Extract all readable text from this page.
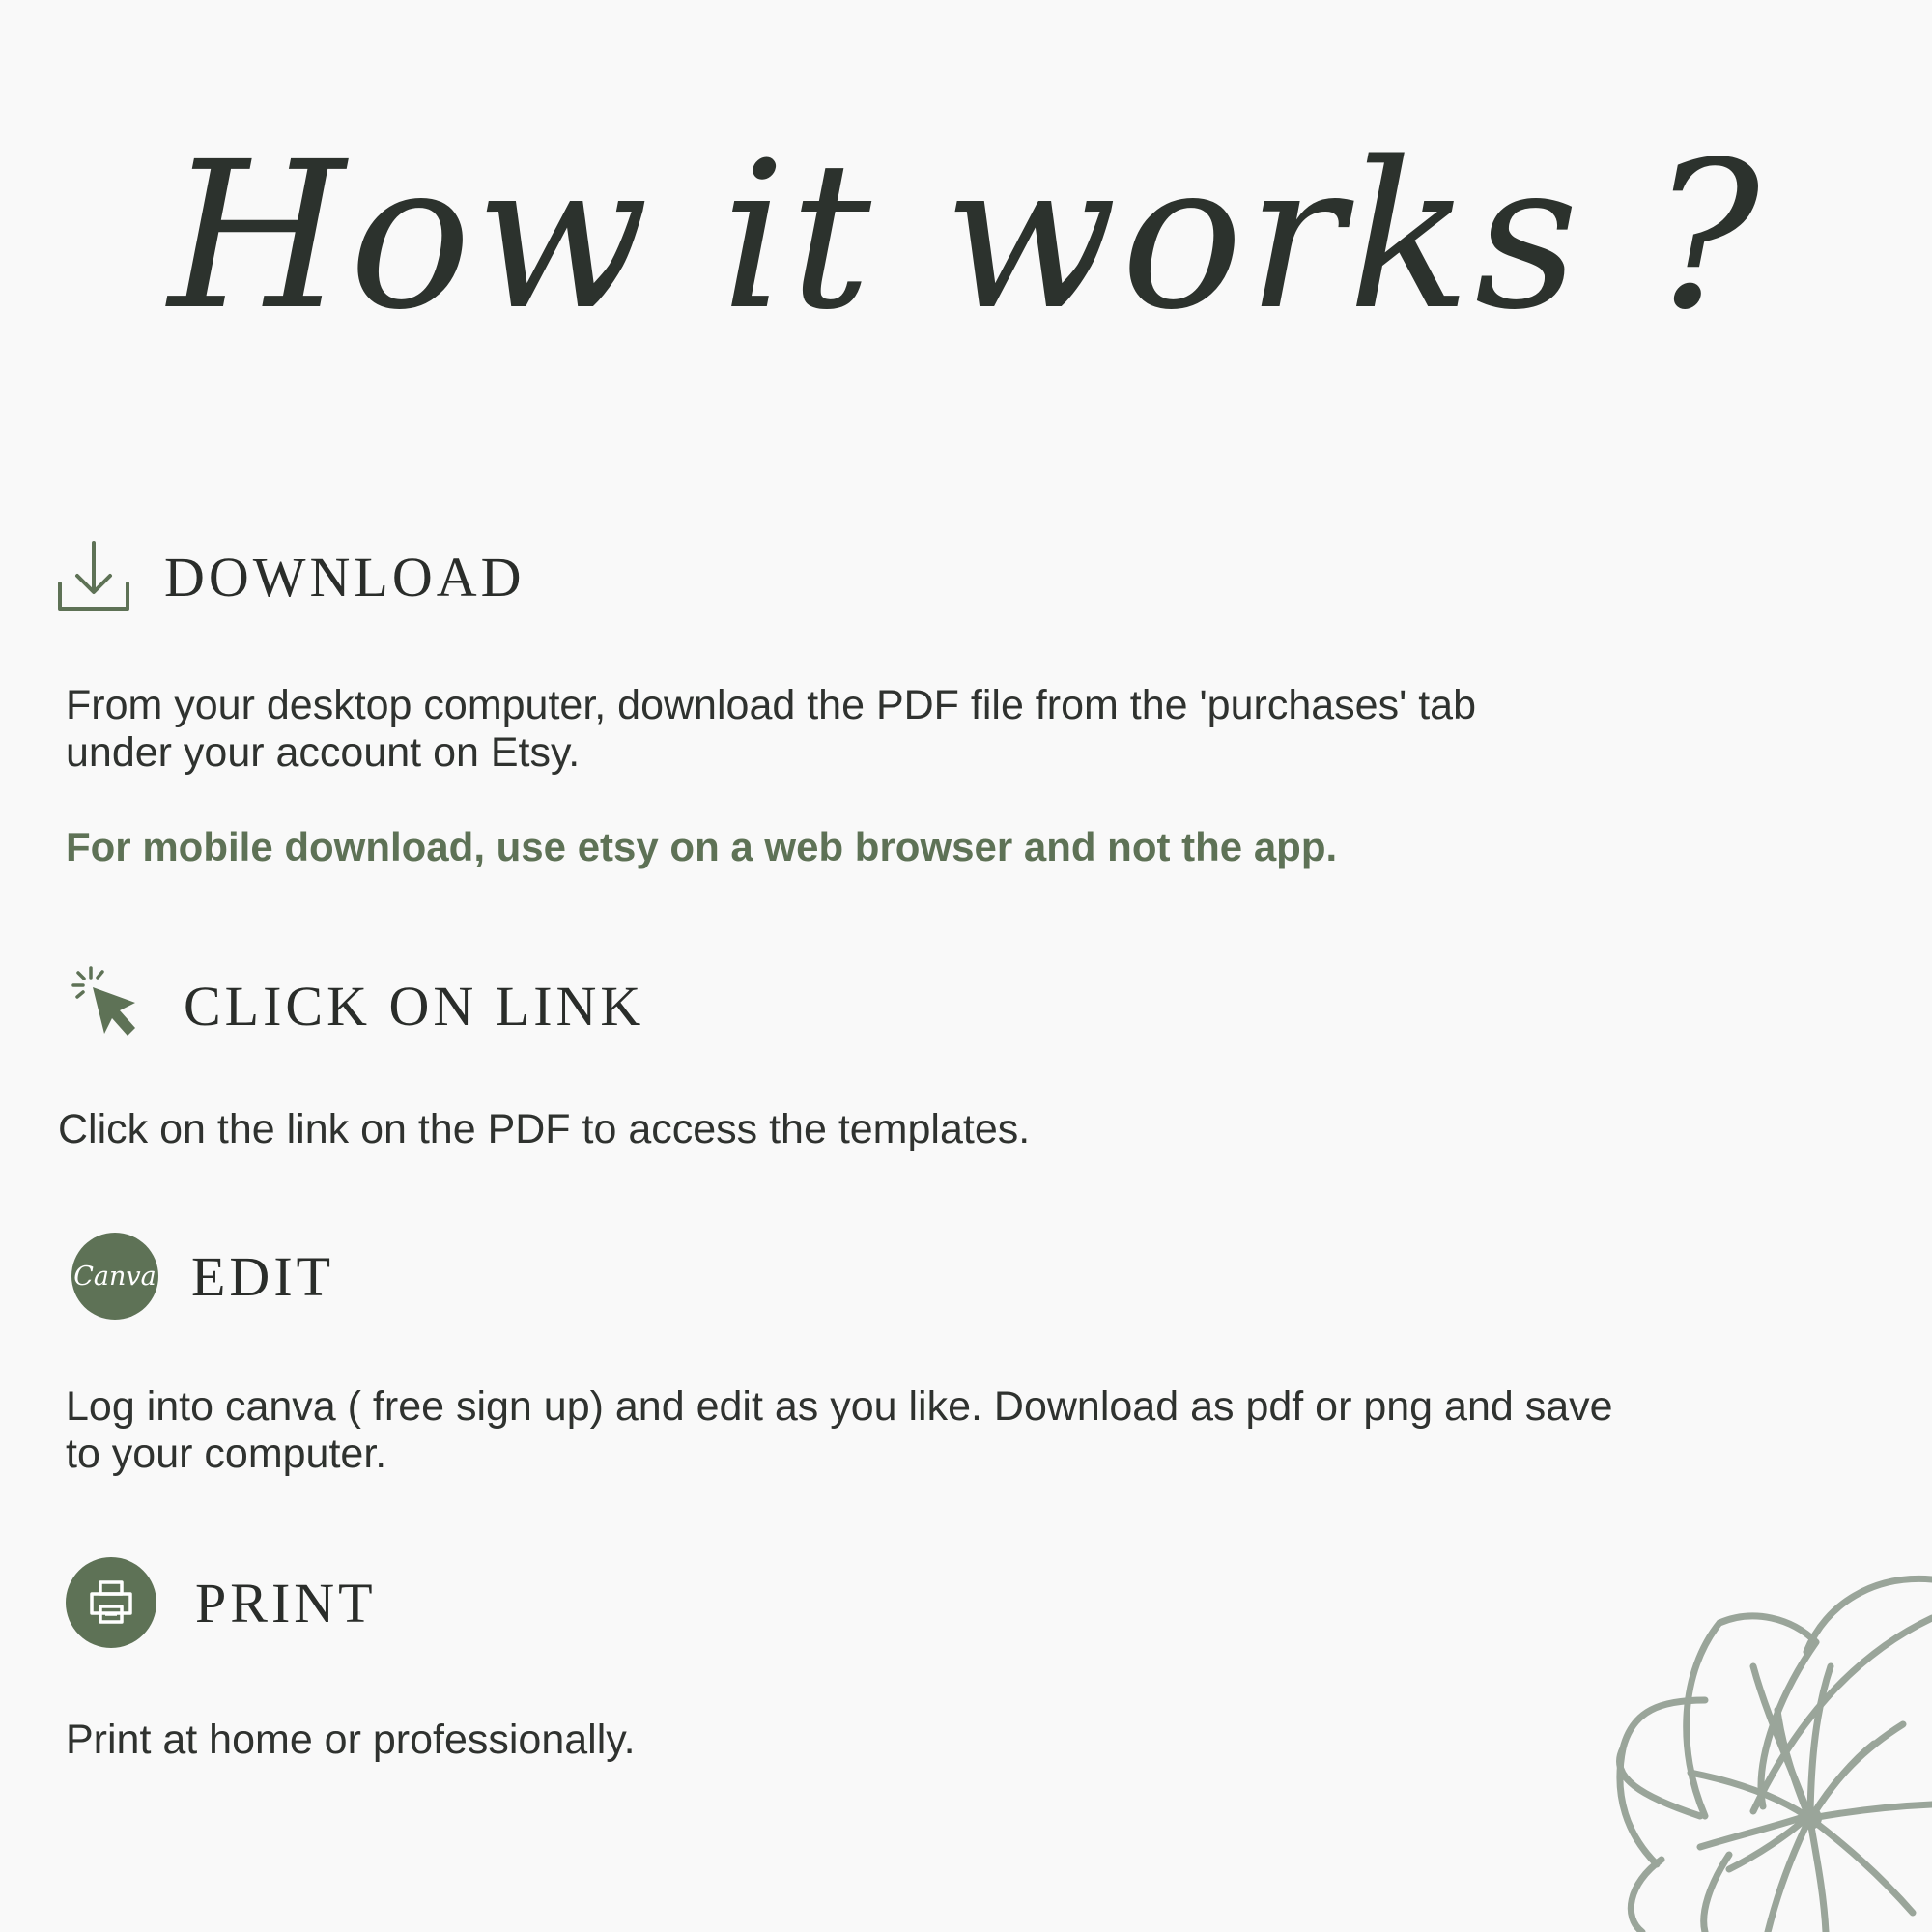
How it works ?
DOWNLOAD
From your desktop computer, download the PDF file from the 'purchases' tab
under your account on Etsy.
For mobile download, use etsy on a web browser and not the app.
CLICK ON LINK
Click on the link on the PDF to access the templates.
Canva EDIT
Log into canva ( free sign up) and edit as you like. Download as pdf or png and save
to your computer.
PRINT
Print at home or professionally.
